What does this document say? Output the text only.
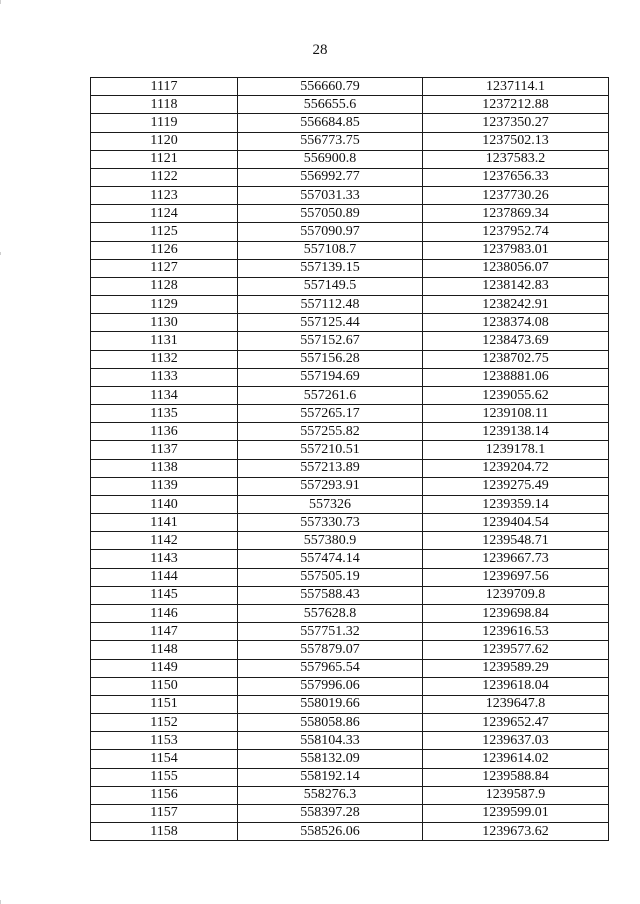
28
1117	556660.79	1237114.1
1118	556655.6	1237212.88
1119	556684.85	1237350.27
1120	556773.75	1237502.13
1121	556900.8	1237583.2
1122	556992.77	1237656.33
1123	557031.33	1237730.26
1124	557050.89	1237869.34
1125	557090.97	1237952.74
1126	557108.7	1237983.01
1127	557139.15	1238056.07
1128	557149.5	1238142.83
1129	557112.48	1238242.91
1130	557125.44	1238374.08
1131	557152.67	1238473.69
1132	557156.28	1238702.75
1133	557194.69	1238881.06
1134	557261.6	1239055.62
1135	557265.17	1239108.11
1136	557255.82	1239138.14
1137	557210.51	1239178.1
1138	557213.89	1239204.72
1139	557293.91	1239275.49
1140	557326	1239359.14
1141	557330.73	1239404.54
1142	557380.9	1239548.71
1143	557474.14	1239667.73
1144	557505.19	1239697.56
1145	557588.43	1239709.8
1146	557628.8	1239698.84
1147	557751.32	1239616.53
1148	557879.07	1239577.62
1149	557965.54	1239589.29
1150	557996.06	1239618.04
1151	558019.66	1239647.8
1152	558058.86	1239652.47
1153	558104.33	1239637.03
1154	558132.09	1239614.02
1155	558192.14	1239588.84
1156	558276.3	1239587.9
1157	558397.28	1239599.01
1158	558526.06	1239673.62
